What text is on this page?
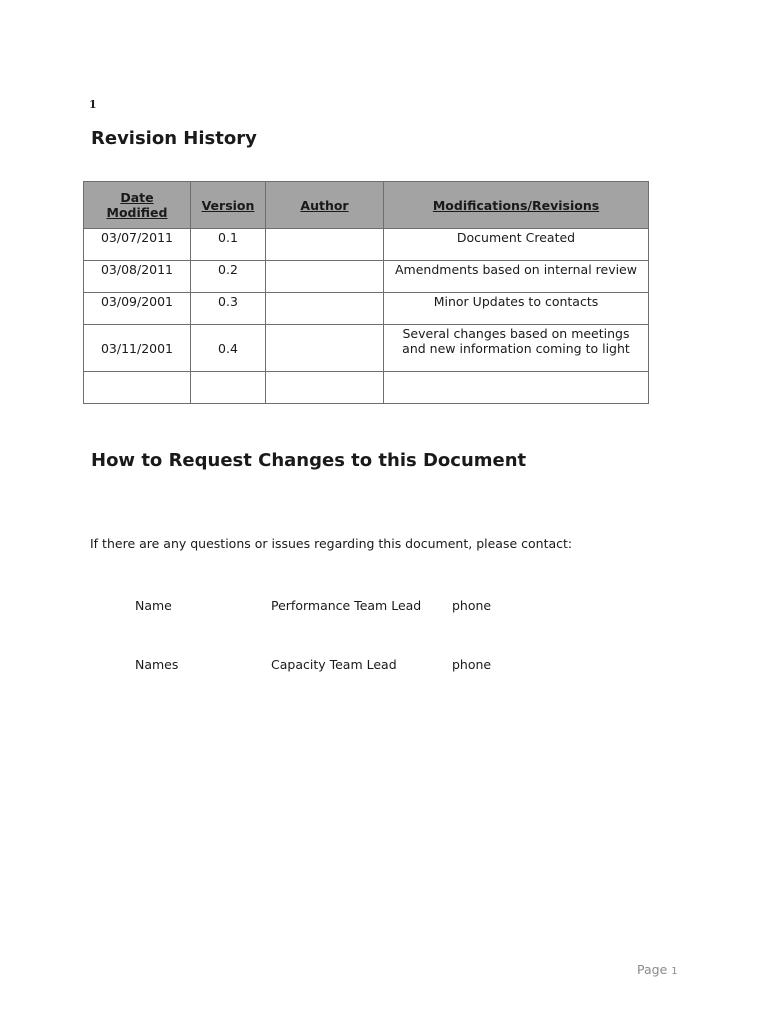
1
Revision History
Date
Modified	Version	Author	Modifications/Revisions
03/07/2011	0.1		Document Created
03/08/2011	0.2		Amendments based on internal review
03/09/2001	0.3		Minor Updates to contacts
03/11/2001	0.4		Several changes based on meetings
and new information coming to light

How to Request Changes to this Document

If there are any questions or issues regarding this document, please contact:

Name	Performance Team Lead phone
Names	Capacity Team Lead	phone
Page 1
